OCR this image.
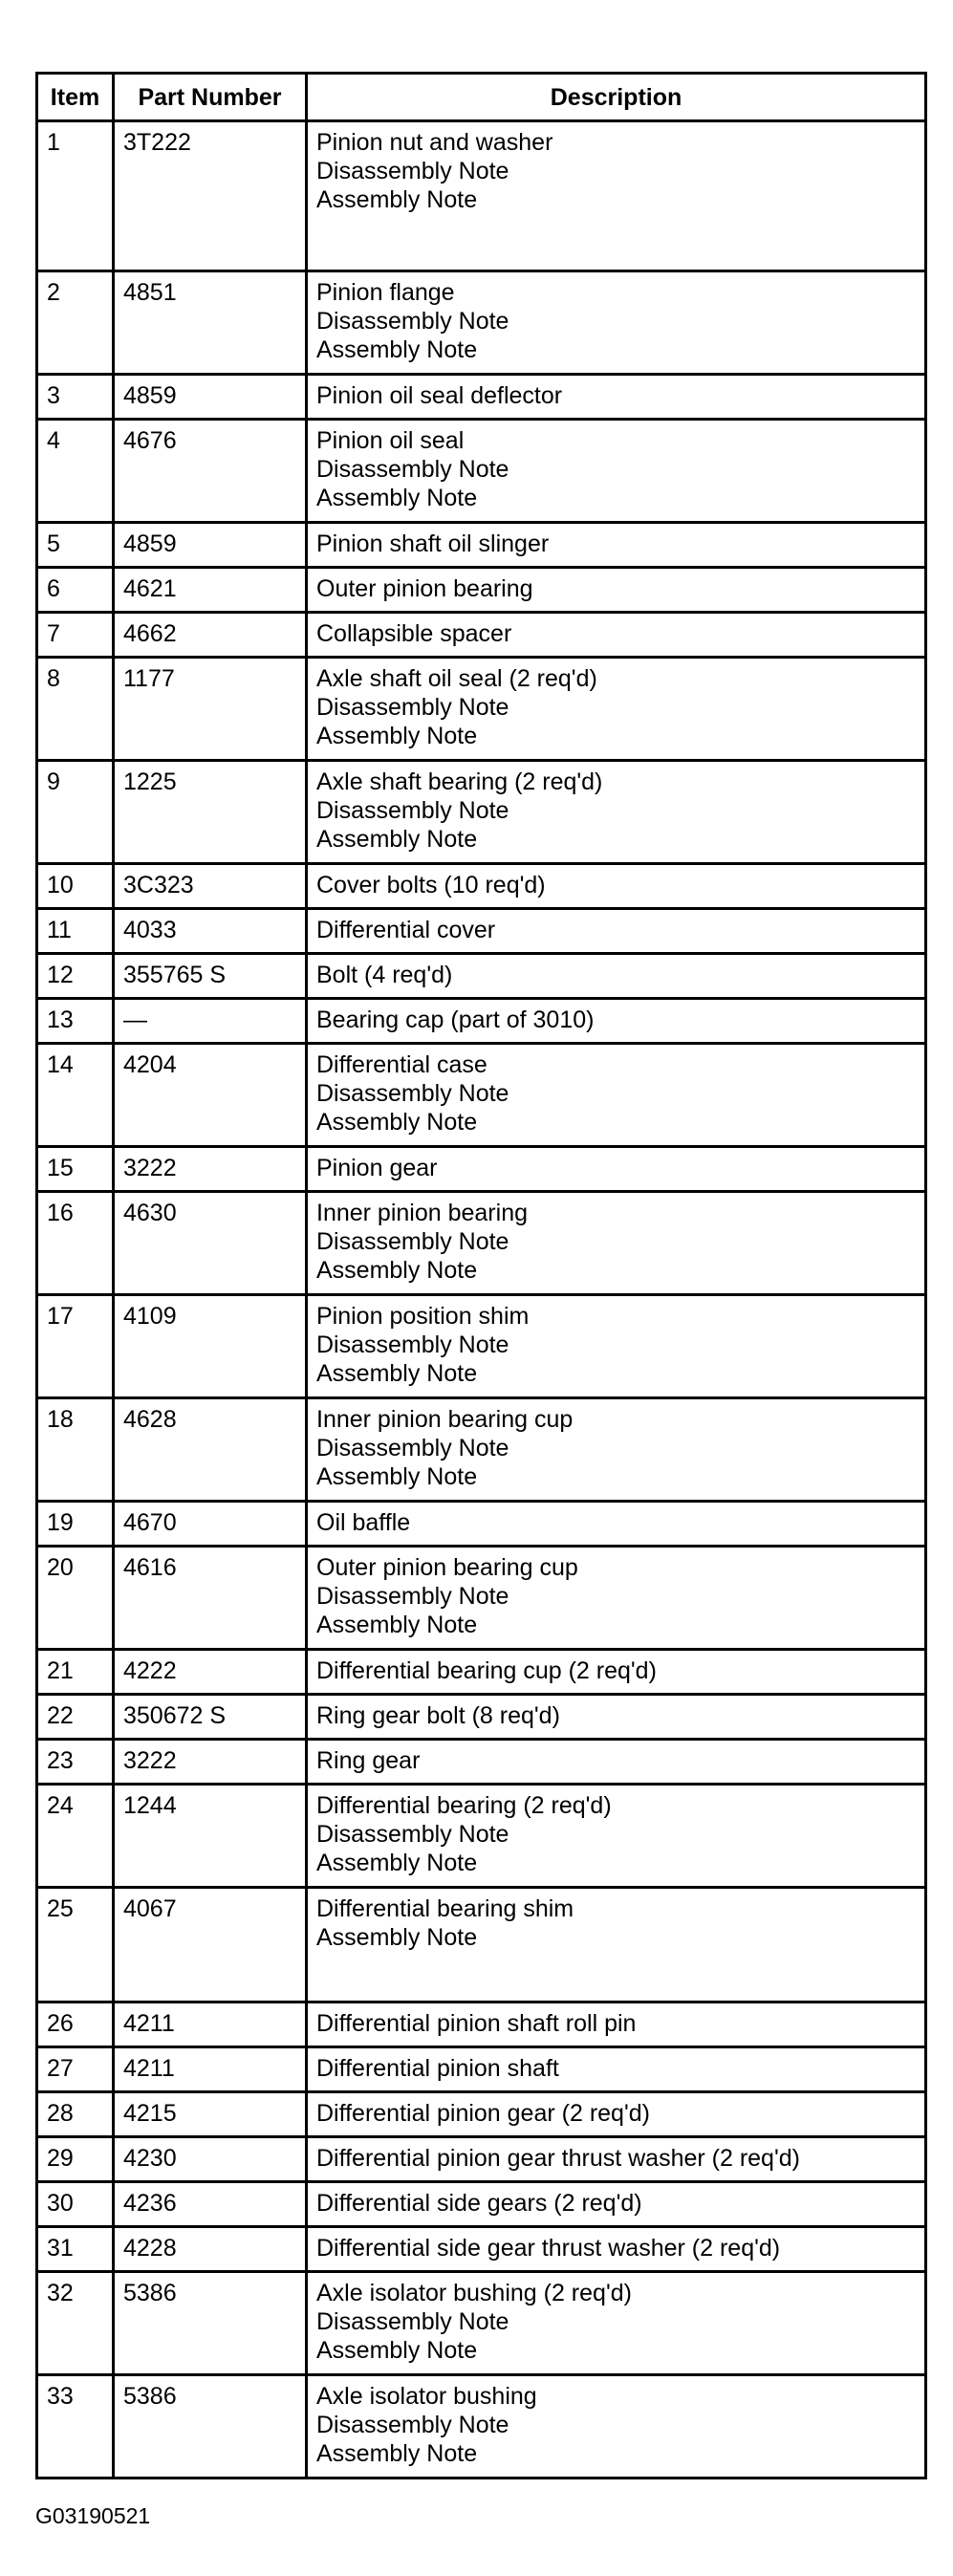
Item	Part Number	Description
1	3T222	Pinion nut and washer
Disassembly Note
Assembly Note

2	4851	Pinion flange
Disassembly Note
Assembly Note

3	4859	Pinion oil seal deflector

4	4676	Pinion oil seal
Disassembly Note
Assembly Note

5	4859	Pinion shaft oil slinger

6	4621	Outer pinion bearing

7	4662	Collapsible spacer

8	1177	Axle shaft oil seal (2 req'd)
Disassembly Note
Assembly Note

9	1225	Axle shaft bearing (2 req'd)
Disassembly Note
Assembly Note

10	3C323	Cover bolts (10 req'd)

11	4033	Differential cover

12	355765 S	Bolt (4 req'd)

13	—	Bearing cap (part of 3010)

14	4204	Differential case
Disassembly Note
Assembly Note

15	3222	Pinion gear

16	4630	Inner pinion bearing
Disassembly Note
Assembly Note

17	4109	Pinion position shim
Disassembly Note
Assembly Note

18	4628	Inner pinion bearing cup
Disassembly Note
Assembly Note

19	4670	Oil baffle

20	4616	Outer pinion bearing cup
Disassembly Note
Assembly Note

21	4222	Differential bearing cup (2 req'd)

22	350672 S	Ring gear bolt (8 req'd)

23	3222	Ring gear

24	1244	Differential bearing (2 req'd)
Disassembly Note
Assembly Note

25	4067	Differential bearing shim
Assembly Note

26	4211	Differential pinion shaft roll pin

27	4211	Differential pinion shaft

28	4215	Differential pinion gear (2 req'd)

29	4230	Differential pinion gear thrust washer (2 req'd)

30	4236	Differential side gears (2 req'd)

31	4228	Differential side gear thrust washer (2 req'd)

32	5386	Axle isolator bushing (2 req'd)
Disassembly Note
Assembly Note

33	5386	Axle isolator bushing
Disassembly Note
Assembly Note
G03190521
